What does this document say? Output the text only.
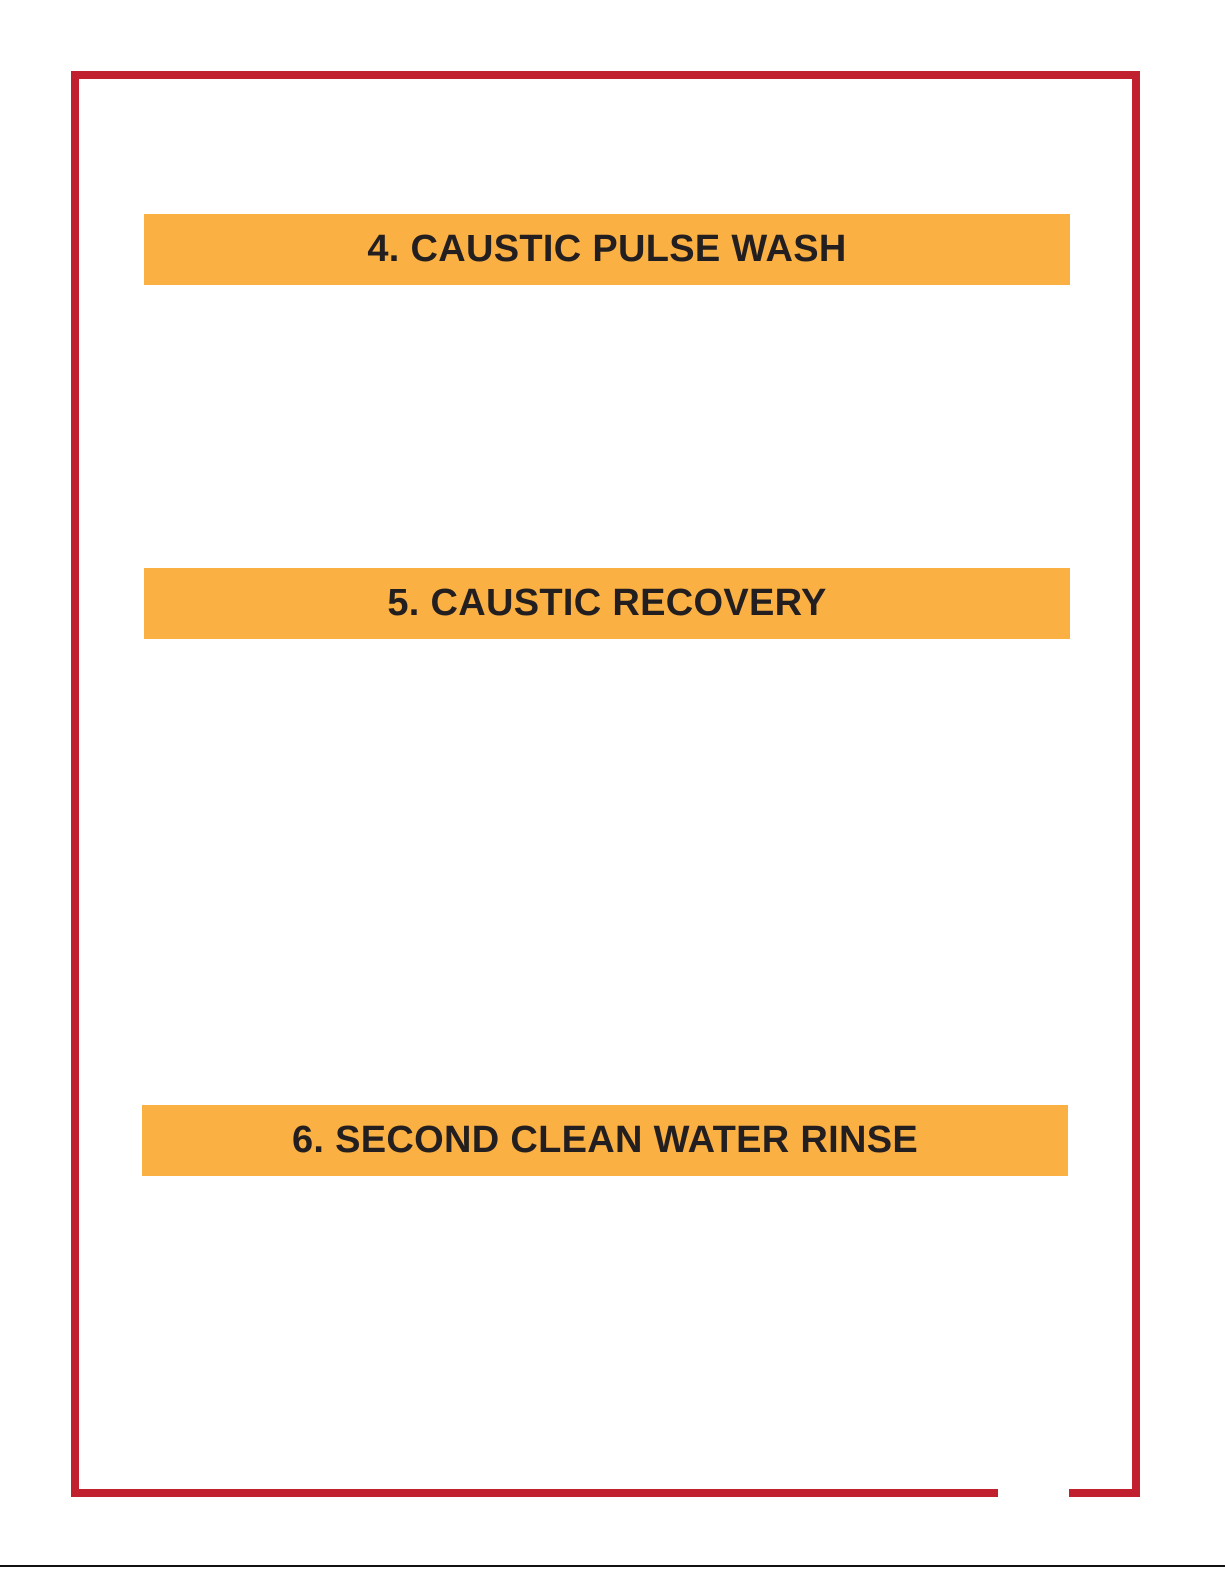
4. CAUSTIC PULSE WASH
5. CAUSTIC RECOVERY
6. SECOND CLEAN WATER RINSE
